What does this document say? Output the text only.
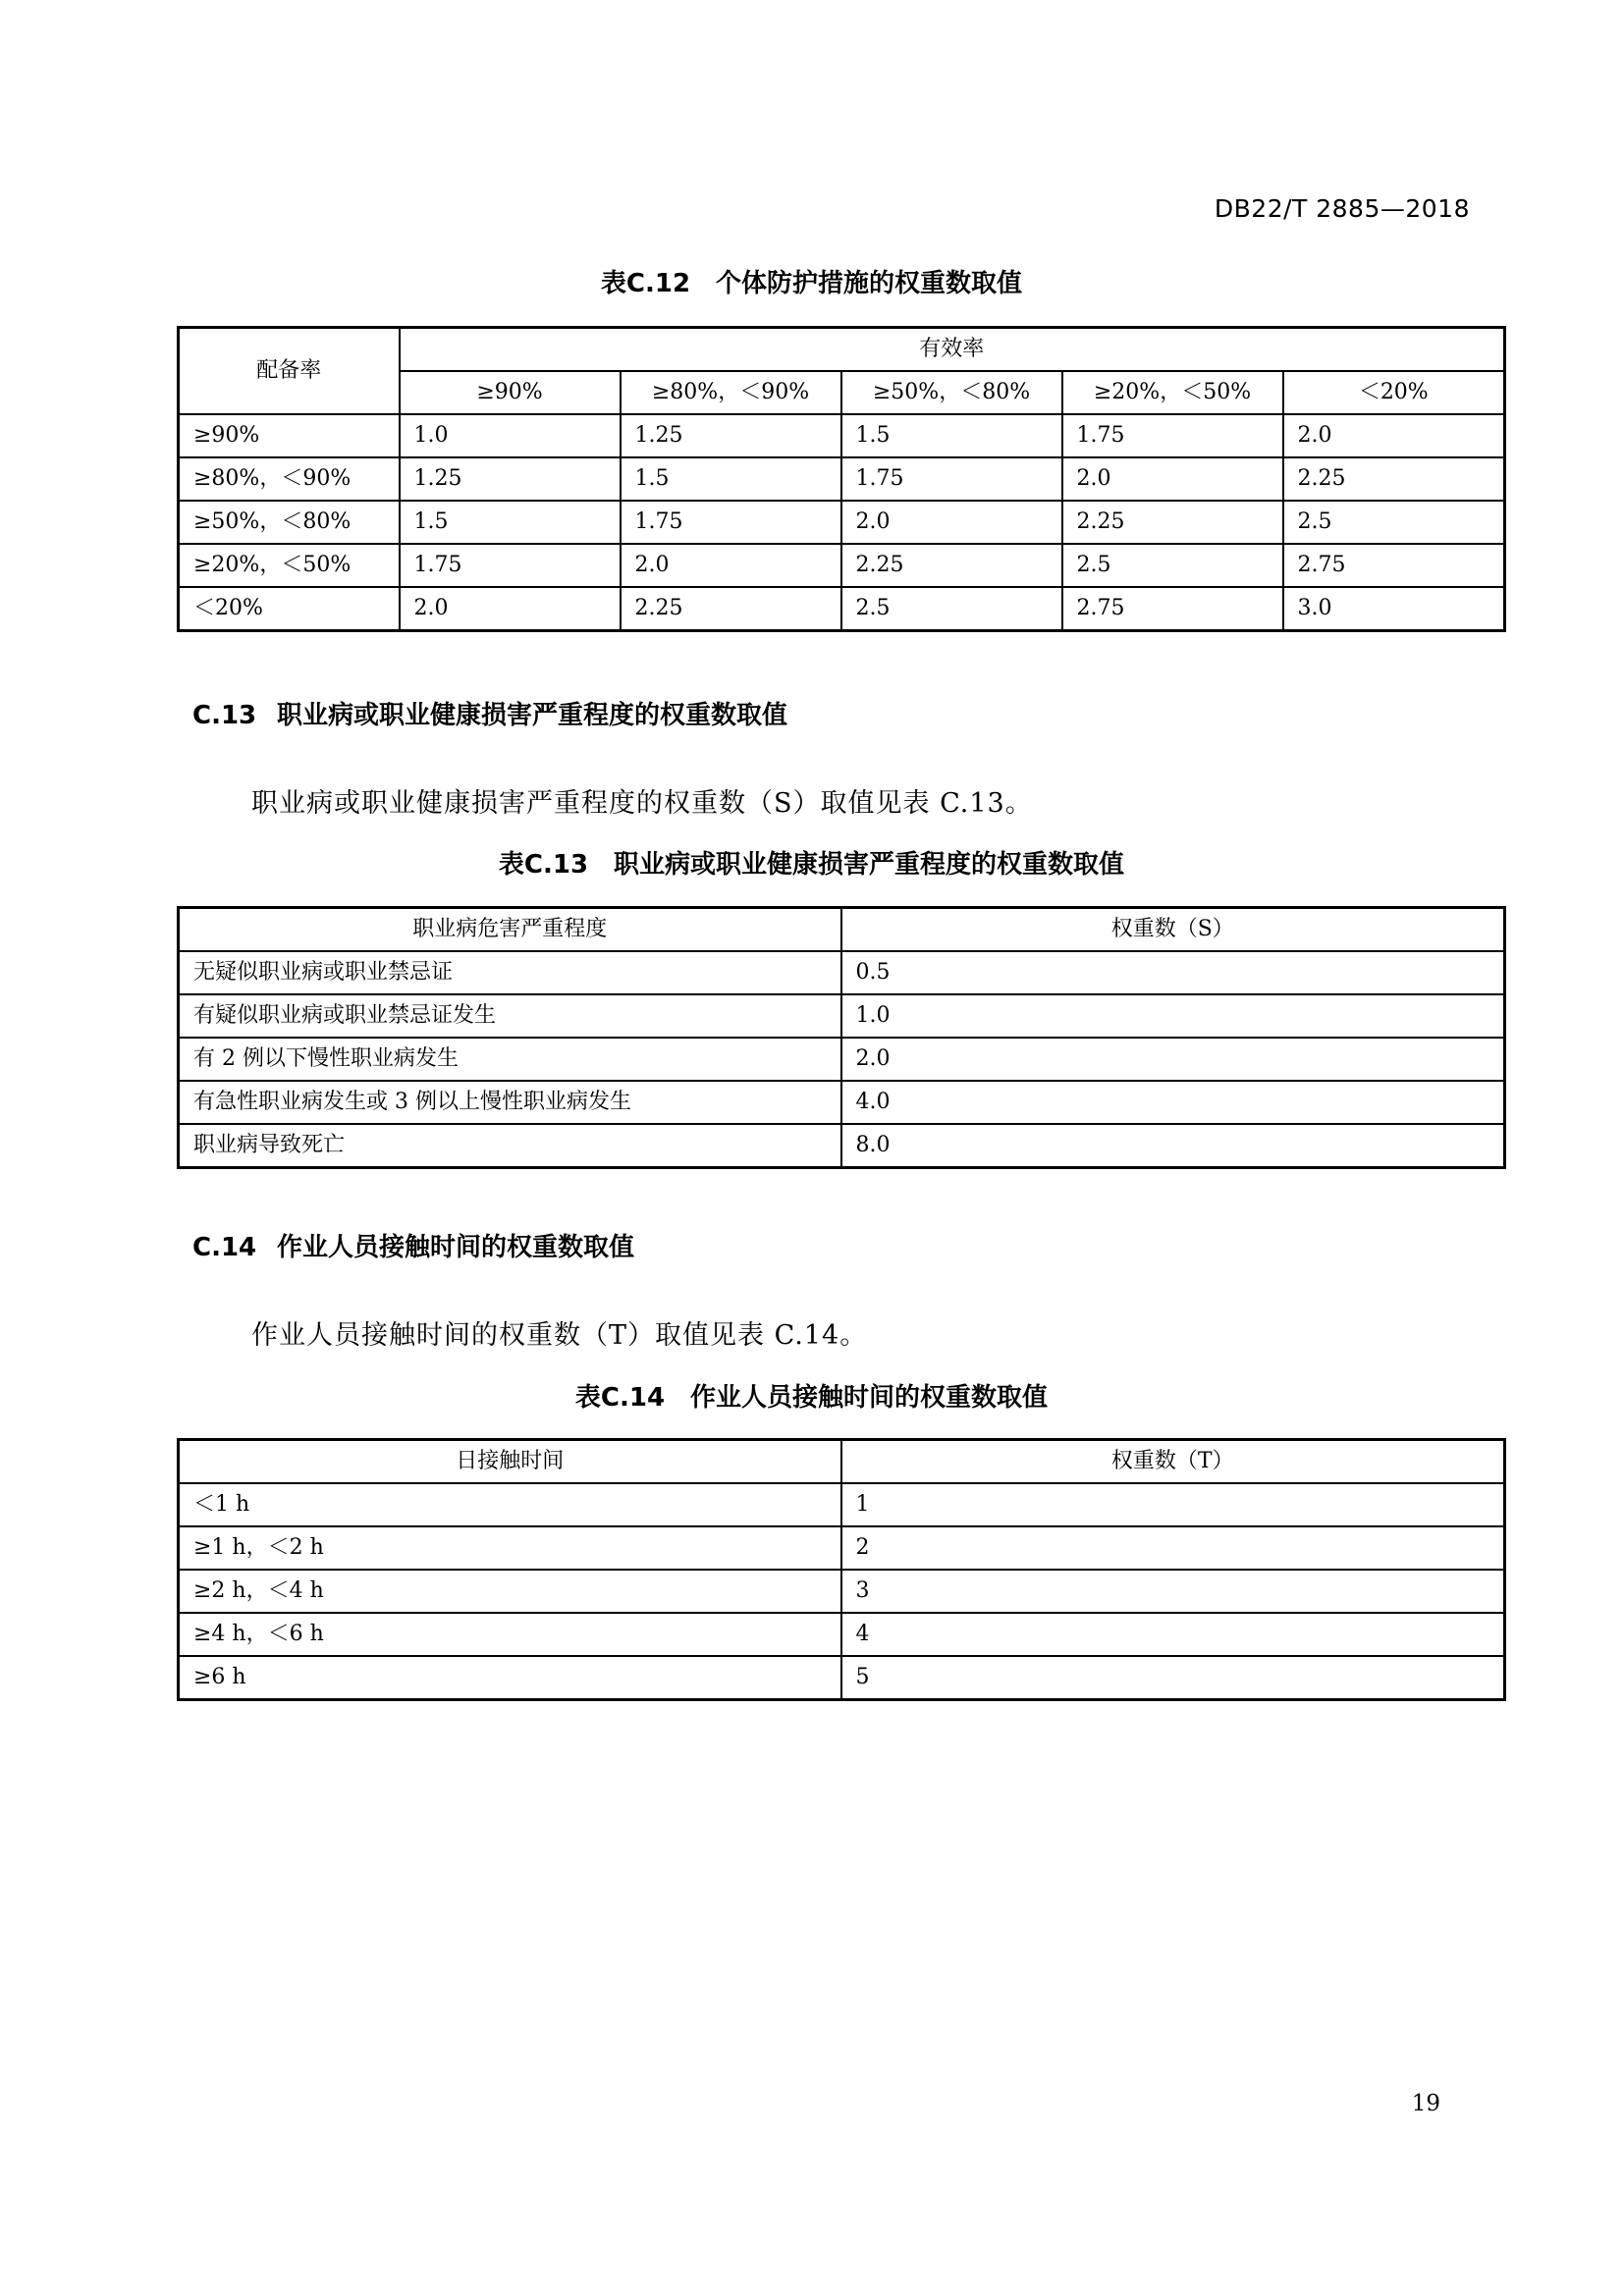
DB22/T 2885—2018
表C.12　个体防护措施的权重数取值
配备率	有效率				
	≥90%	≥80%，＜90%	≥50%，＜80%	≥20%，＜50%	＜20%
≥90%	1.0	1.25	1.5	1.75	2.0
≥80%，＜90%	1.25	1.5	1.75	2.0	2.25
≥50%，＜80%	1.5	1.75	2.0	2.25	2.5
≥20%，＜50%	1.75	2.0	2.25	2.5	2.75
＜20%	2.0	2.25	2.5	2.75	3.0
C.13 职业病或职业健康损害严重程度的权重数取值
职业病或职业健康损害严重程度的权重数（S）取值见表 C.13。
表C.13　职业病或职业健康损害严重程度的权重数取值
职业病危害严重程度	权重数（S）
无疑似职业病或职业禁忌证	0.5
有疑似职业病或职业禁忌证发生	1.0
有 2 例以下慢性职业病发生	2.0
有急性职业病发生或 3 例以上慢性职业病发生	4.0
职业病导致死亡	8.0
C.14 作业人员接触时间的权重数取值
作业人员接触时间的权重数（T）取值见表 C.14。
表C.14　作业人员接触时间的权重数取值
日接触时间	权重数（T）
＜1 h	1
≥1 h，＜2 h	2
≥2 h，＜4 h	3
≥4 h，＜6 h	4
≥6 h	5
19
